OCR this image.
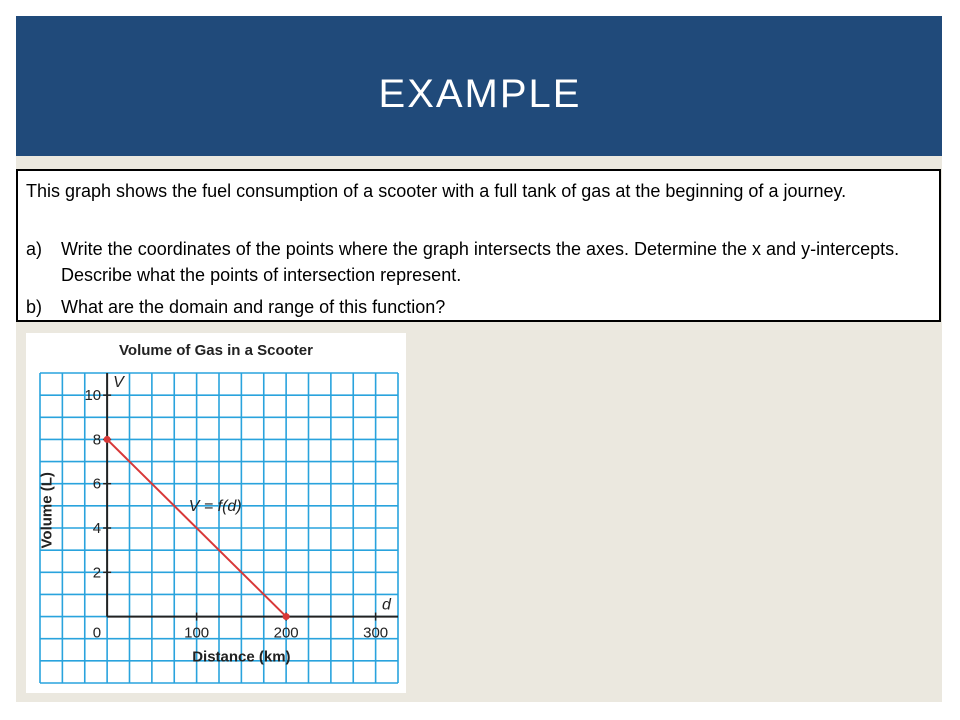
EXAMPLE
This graph shows the fuel consumption of a scooter with a full tank of gas at the beginning of a journey.
a) Write the coordinates of the points where the graph intersects the axes. Determine the x and y-intercepts. Describe what the points of intersection represent.
b) What are the domain and range of this function?
Volume of Gas in a Scooter
100	200	300
2
4
6
8
10
0
V
d
Distance (km)
Volume (L)	V = f(d)
